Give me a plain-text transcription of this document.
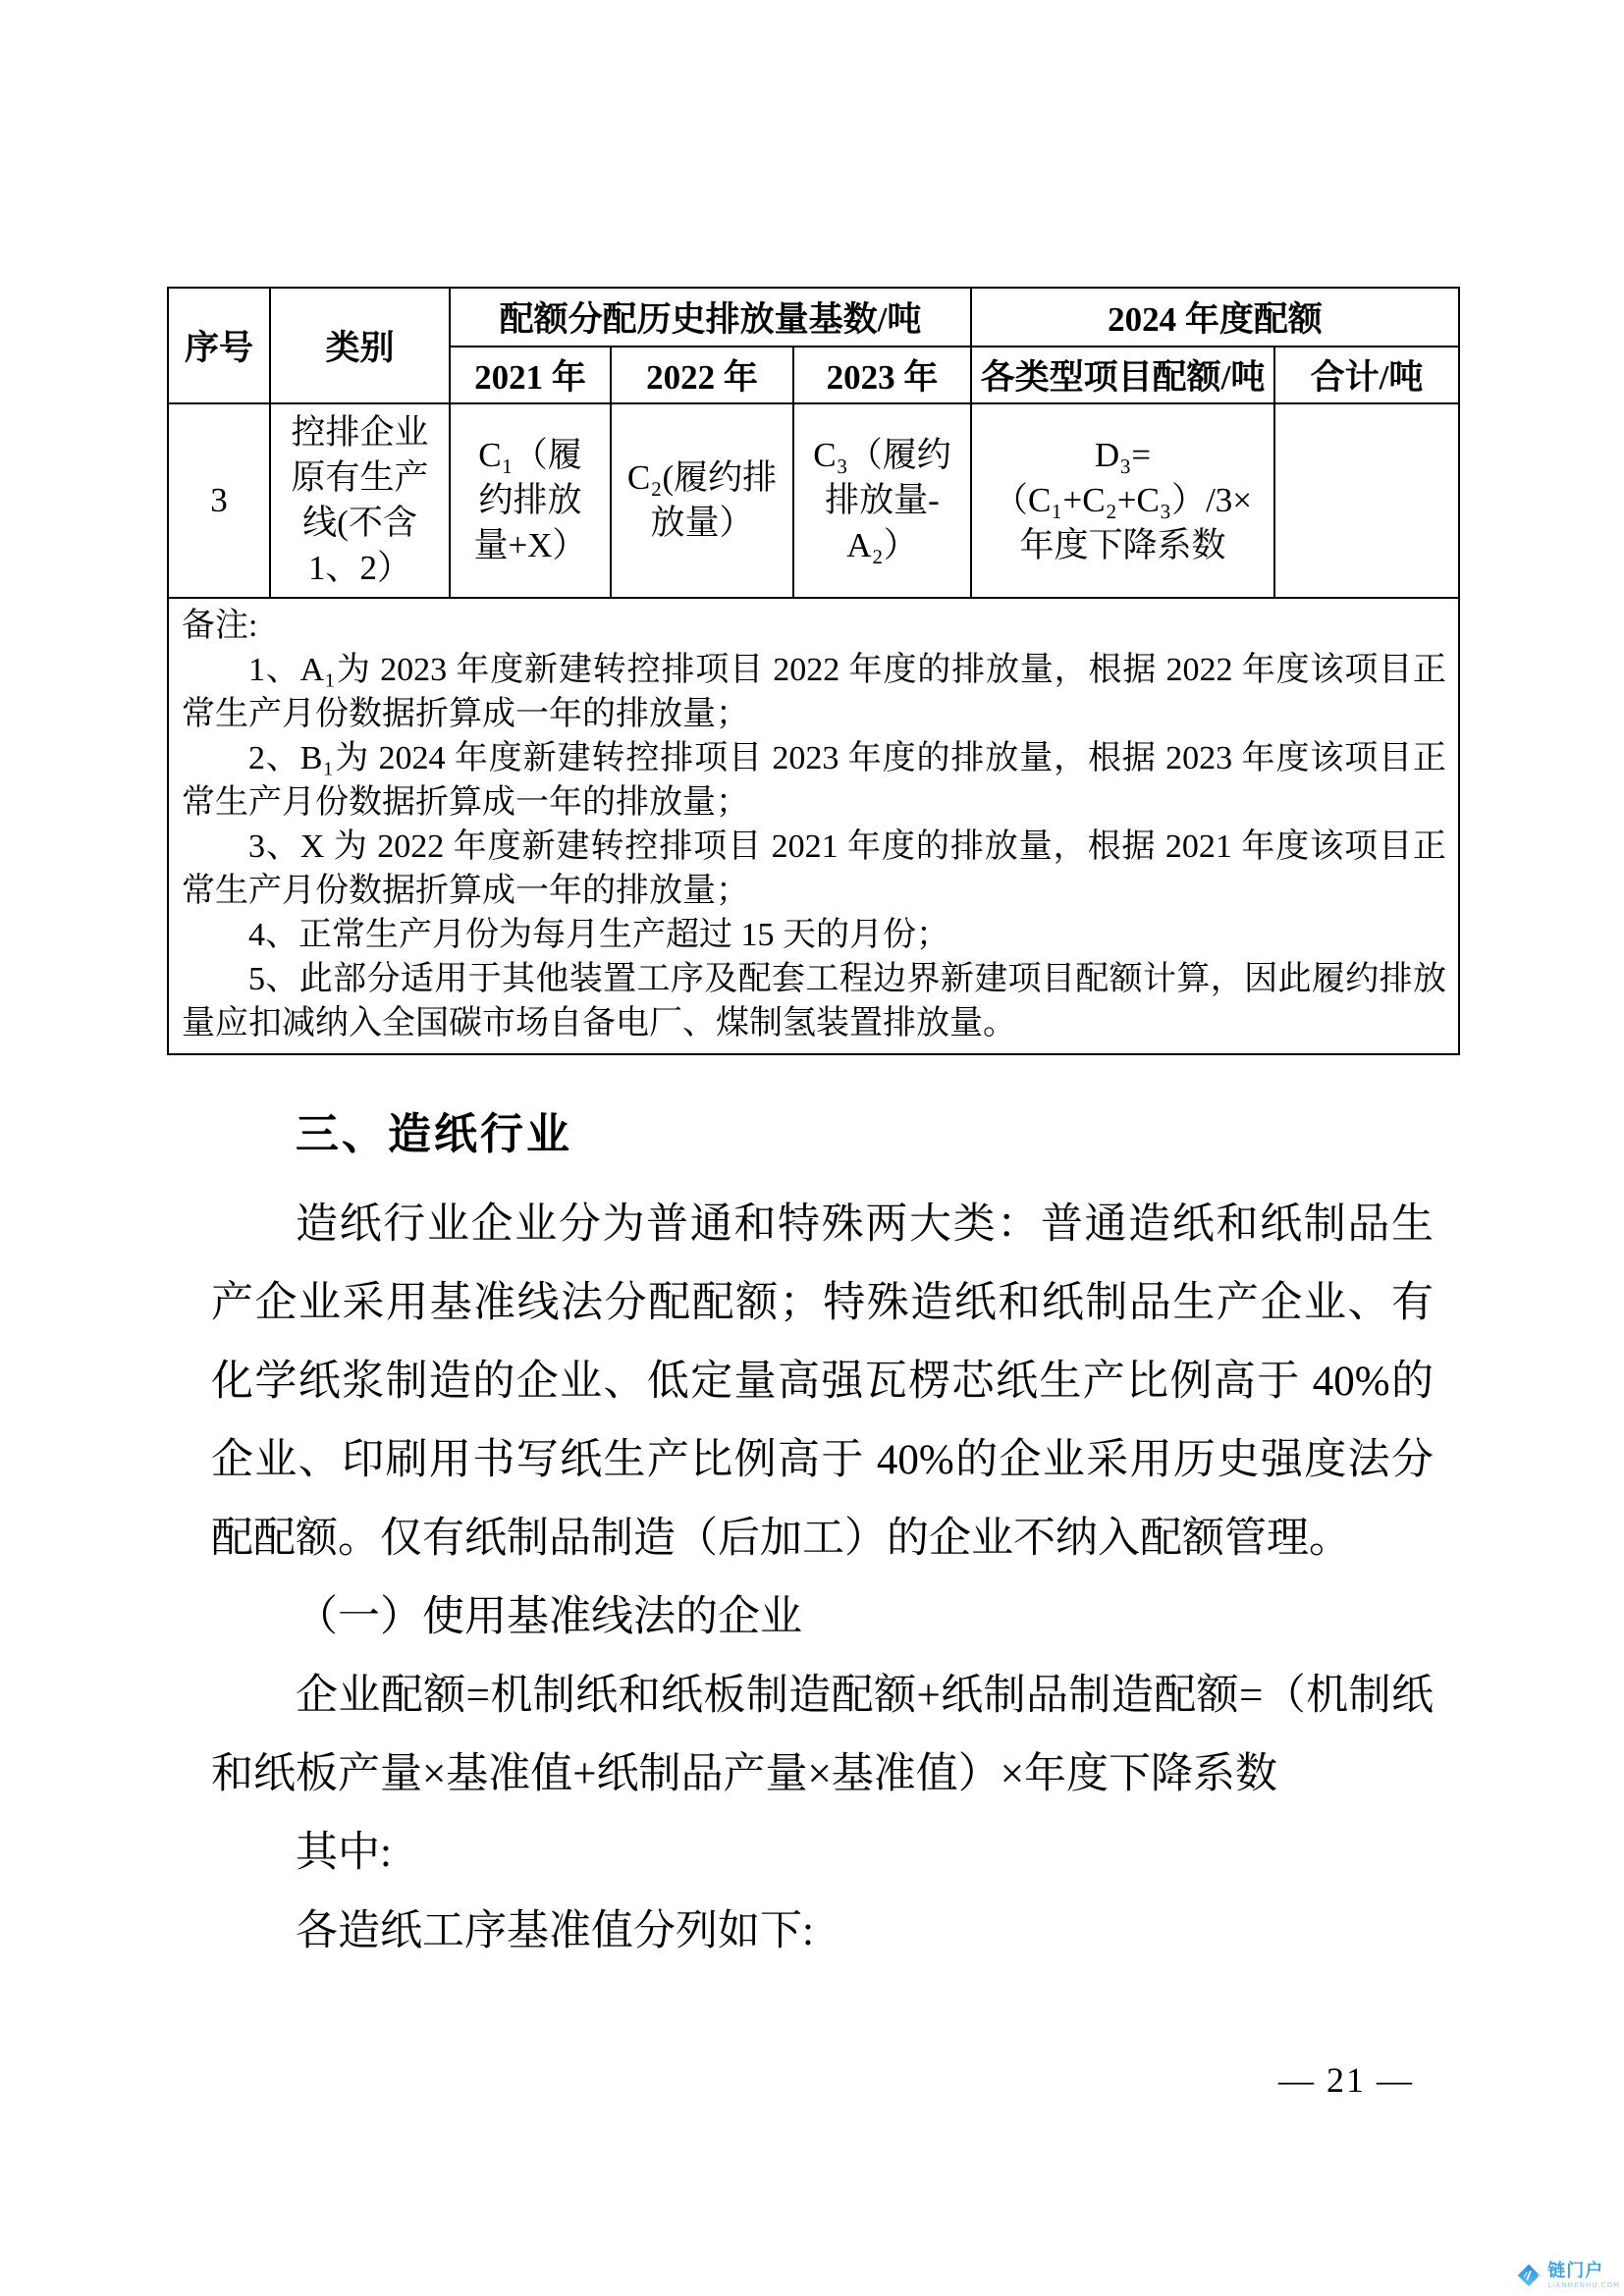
序号	类别	配额分配历史排放量基数/吨			2024 年度配额	
		2021 年	2022 年	2023 年	各类型项目配额/吨	合计/吨
3	控排企业原有生产线(不含1、2）	C₁（履约排放量+X）	C₂(履约排放量）	C₃（履约排放量-A₂）	D₃=（C₁+C₂+C₃）/3×年度下降系数	

备注:

1、A₁为 2023 年度新建转控排项目 2022 年度的排放量，根据 2022 年度该项目正常生产月份数据折算成一年的排放量；

2、B₁为 2024 年度新建转控排项目 2023 年度的排放量，根据 2023 年度该项目正常生产月份数据折算成一年的排放量；

3、X 为 2022 年度新建转控排项目 2021 年度的排放量，根据 2021 年度该项目正常生产月份数据折算成一年的排放量；

4、正常生产月份为每月生产超过 15 天的月份；

5、此部分适用于其他装置工序及配套工程边界新建项目配额计算，因此履约排放量应扣减纳入全国碳市场自备电厂、煤制氢装置排放量。

三、造纸行业

造纸行业企业分为普通和特殊两大类：普通造纸和纸制品生产企业采用基准线法分配配额；特殊造纸和纸制品生产企业、有化学纸浆制造的企业、低定量高强瓦楞芯纸生产比例高于 40%的企业、印刷用书写纸生产比例高于 40%的企业采用历史强度法分配配额。仅有纸制品制造（后加工）的企业不纳入配额管理。

（一）使用基准线法的企业

企业配额=机制纸和纸板制造配额+纸制品制造配额=（机制纸和纸板产量×基准值+纸制品产量×基准值）×年度下降系数

其中:

各造纸工序基准值分列如下:

— 21 —
链门户
LIANMENHU.COM
